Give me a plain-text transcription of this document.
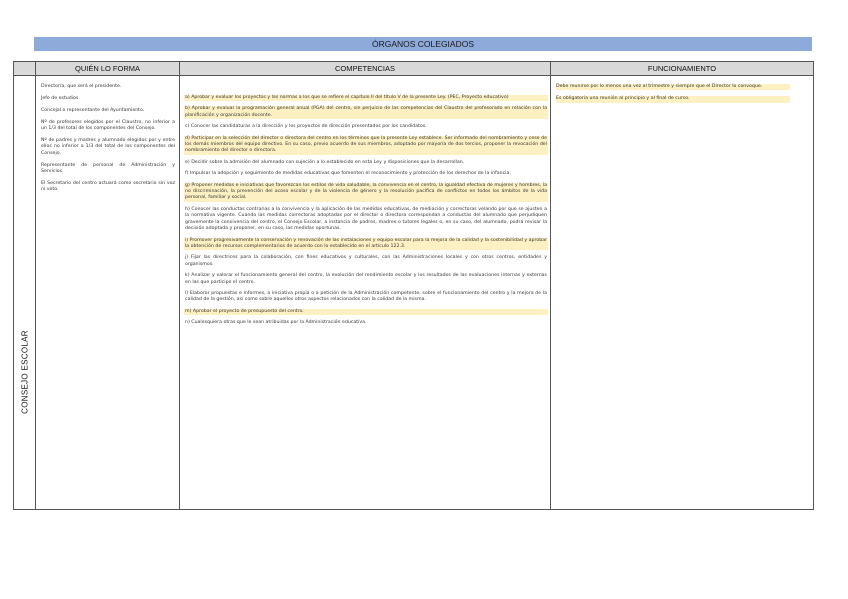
ÓRGANOS COLEGIADOS
QUIÉN LO FORMA	COMPETENCIAS	FUNCIONAMIENTO
CONSEJO ESCOLAR

Director/a, que será el presidente.

Jefe de estudios.

Concejal o representante del Ayuntamiento.

Nº de profesores elegidos por el Claustro, no inferior a un 1/3 del total de los componentes del Consejo.

Nº de padres y madres y alumnado elegidos por y entre ellos no inferior a 1/3 del total de los componentes del Consejo.

Representante de personal de Administración y Servicios.

El Secretario del centro actuará como secretario sin voz ni voto.

a) Aprobar y evaluar los proyectos y las normas a los que se refiere el capítulo II del título V de la presente Ley. (PEC, Proyecto educativo)
b) Aprobar y evaluar la programación general anual (PGA) del centro, sin perjuicio de las competencias del Claustro del profesorado en relación con la planificación y organización docente.
c) Conocer las candidaturas a la dirección y los proyectos de dirección presentados por los candidatos.
d) Participar en la selección del director o directora del centro en los términos que la presente Ley establece. Ser informado del nombramiento y cese de los demás miembros del equipo directivo. En su caso, previo acuerdo de sus miembros, adoptado por mayoría de dos tercios, proponer la revocación del nombramiento del director o directora.
e) Decidir sobre la admisión del alumnado con sujeción a lo establecido en esta Ley y disposiciones que la desarrollan.
f) Impulsar la adopción y seguimiento de medidas educativas que fomenten el reconocimiento y protección de los derechos de la infancia.
g) Proponer medidas e iniciativas que favorezcan los estilos de vida saludable, la convivencia en el centro, la igualdad efectiva de mujeres y hombres, la no discriminación, la prevención del acoso escolar y de la violencia de género y la resolución pacífica de conflictos en todos los ámbitos de la vida personal, familiar y social.
h) Conocer las conductas contrarias a la convivencia y la aplicación de las medidas educativas, de mediación y correctoras velando por que se ajusten a la normativa vigente. Cuando las medidas correctoras adoptadas por el director o directora correspondan a conductas del alumnado que perjudiquen gravemente la convivencia del centro, el Consejo Escolar, a instancia de padres, madres o tutores legales o, en su caso, del alumnado, podrá revisar la decisión adoptada y proponer, en su caso, las medidas oportunas.
i) Promover progresivamente la conservación y renovación de las instalaciones y equipo escolar para la mejora de la calidad y la sostenibilidad y aprobar la obtención de recursos complementarios de acuerdo con lo establecido en el artículo 122.3.
j) Fijar las directrices para la colaboración, con fines educativos y culturales, con las Administraciones locales y con otros centros, entidades y organismos.
k) Analizar y valorar el funcionamiento general del centro, la evolución del rendimiento escolar y los resultados de las evaluaciones internas y externas en las que participe el centro.
l) Elaborar propuestas e informes, a iniciativa propia o a petición de la Administración competente, sobre el funcionamiento del centro y la mejora de la calidad de la gestión, así como sobre aquellos otros aspectos relacionados con la calidad de la misma.
m) Aprobar el proyecto de presupuesto del centro.
n) Cualesquiera otras que le sean atribuidas por la Administración educativa.

Debe reunirse por lo menos una vez al trimestre y siempre que el Director lo convoque.

Es obligatoria una reunión al principio y al final de curso.
